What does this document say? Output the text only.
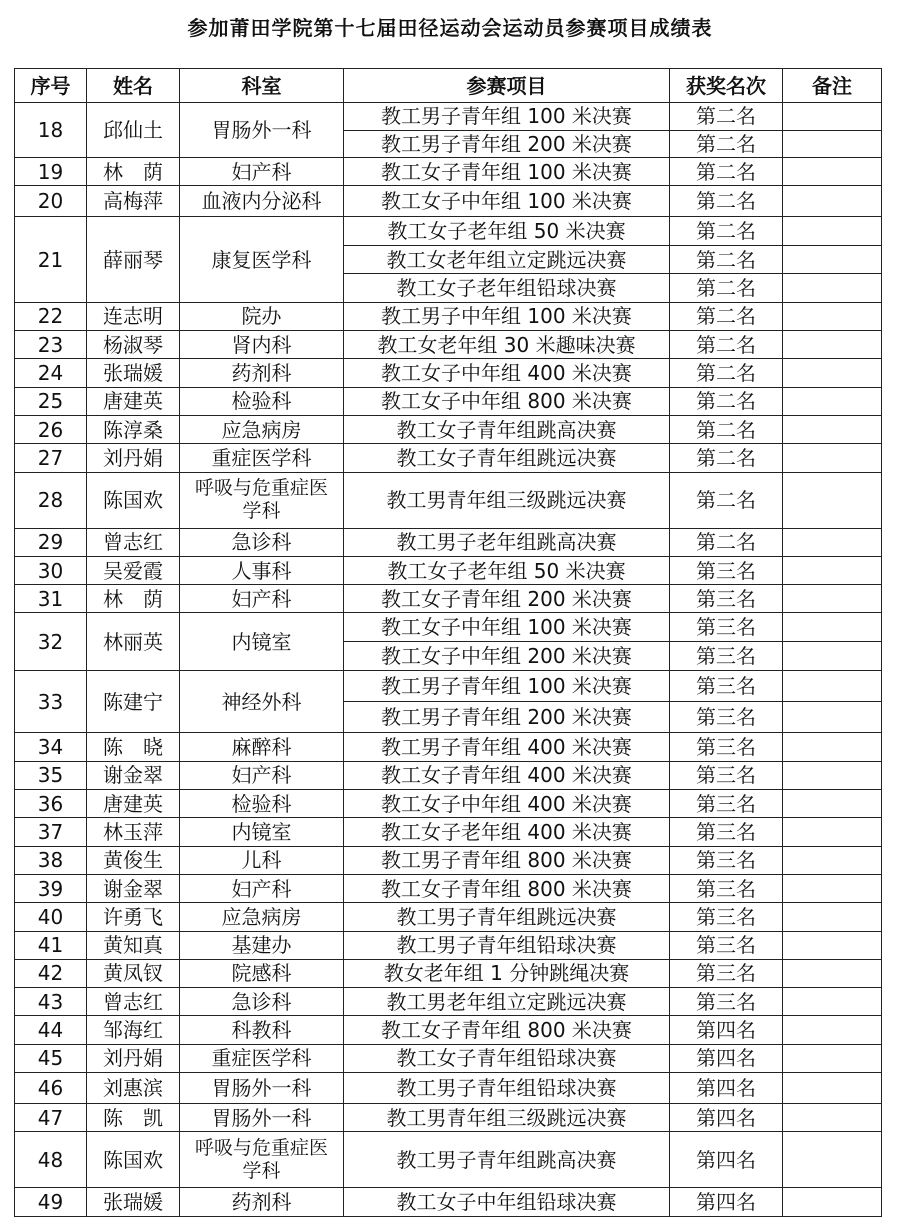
参加莆田学院第十七届田径运动会运动员参赛项目成绩表
序号	姓名	科室	参赛项目	获奖名次	备注
18	邱仙土	胃肠外一科	教工男子青年组 100 米决赛	第二名	
			教工男子青年组 200 米决赛	第二名	
19	林　荫	妇产科	教工女子青年组 100 米决赛	第二名	
20	高梅萍	血液内分泌科	教工女子中年组 100 米决赛	第二名	
21	薛丽琴	康复医学科	教工女子老年组 50 米决赛	第二名	
			教工女老年组立定跳远决赛	第二名	
			教工女子老年组铅球决赛	第二名	
22	连志明	院办	教工男子中年组 100 米决赛	第二名	
23	杨淑琴	肾内科	教工女老年组 30 米趣味决赛	第二名	
24	张瑞媛	药剂科	教工女子中年组 400 米决赛	第二名	
25	唐建英	检验科	教工女子中年组 800 米决赛	第二名	
26	陈淳桑	应急病房	教工女子青年组跳高决赛	第二名	
27	刘丹娟	重症医学科	教工女子青年组跳远决赛	第二名	
28	陈国欢	呼吸与危重症医学科	教工男青年组三级跳远决赛	第二名	
29	曾志红	急诊科	教工男子老年组跳高决赛	第二名	
30	吴爱霞	人事科	教工女子老年组 50 米决赛	第三名	
31	林　荫	妇产科	教工女子青年组 200 米决赛	第三名	
32	林丽英	内镜室	教工女子中年组 100 米决赛	第三名	
			教工女子中年组 200 米决赛	第三名	
33	陈建宁	神经外科	教工男子青年组 100 米决赛	第三名	
			教工男子青年组 200 米决赛	第三名	
34	陈　晓	麻醉科	教工男子青年组 400 米决赛	第三名	
35	谢金翠	妇产科	教工女子青年组 400 米决赛	第三名	
36	唐建英	检验科	教工女子中年组 400 米决赛	第三名	
37	林玉萍	内镜室	教工女子老年组 400 米决赛	第三名	
38	黄俊生	儿科	教工男子青年组 800 米决赛	第三名	
39	谢金翠	妇产科	教工女子青年组 800 米决赛	第三名	
40	许勇飞	应急病房	教工男子青年组跳远决赛	第三名	
41	黄知真	基建办	教工男子青年组铅球决赛	第三名	
42	黄凤钗	院感科	教女老年组 1 分钟跳绳决赛	第三名	
43	曾志红	急诊科	教工男老年组立定跳远决赛	第三名	
44	邹海红	科教科	教工女子青年组 800 米决赛	第四名	
45	刘丹娟	重症医学科	教工女子青年组铅球决赛	第四名	
46	刘惠滨	胃肠外一科	教工男子青年组铅球决赛	第四名	
47	陈　凯	胃肠外一科	教工男青年组三级跳远决赛	第四名	
48	陈国欢	呼吸与危重症医学科	教工男子青年组跳高决赛	第四名	
49	张瑞媛	药剂科	教工女子中年组铅球决赛	第四名	
